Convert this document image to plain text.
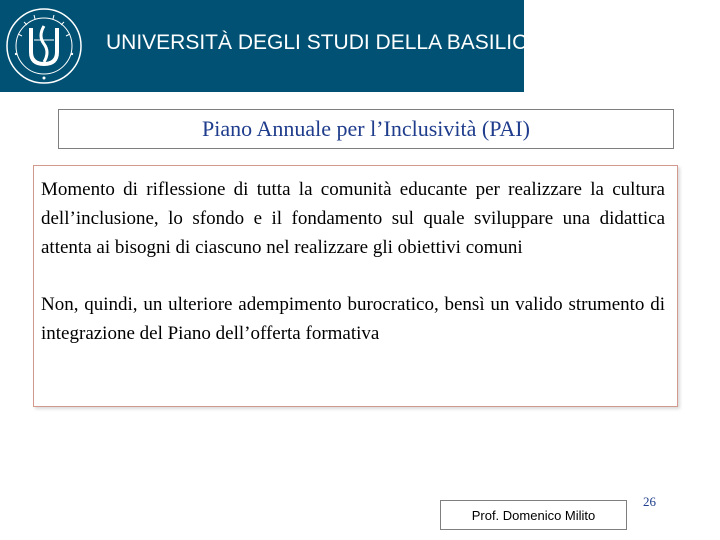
UNIVERSITÀ DEGLI STUDI DELLA BASILICATA
Piano Annuale per l’Inclusività (PAI)

Momento di riflessione di tutta la comunità educante per realizzare la cultura dell’inclusione, lo sfondo e il fondamento sul quale sviluppare una didattica attenta ai bisogni di ciascuno nel realizzare gli obiettivi comuni

Non, quindi, un ulteriore adempimento burocratico, bensì un valido strumento di integrazione del Piano dell’offerta formativa

Prof. Domenico Milito
26
